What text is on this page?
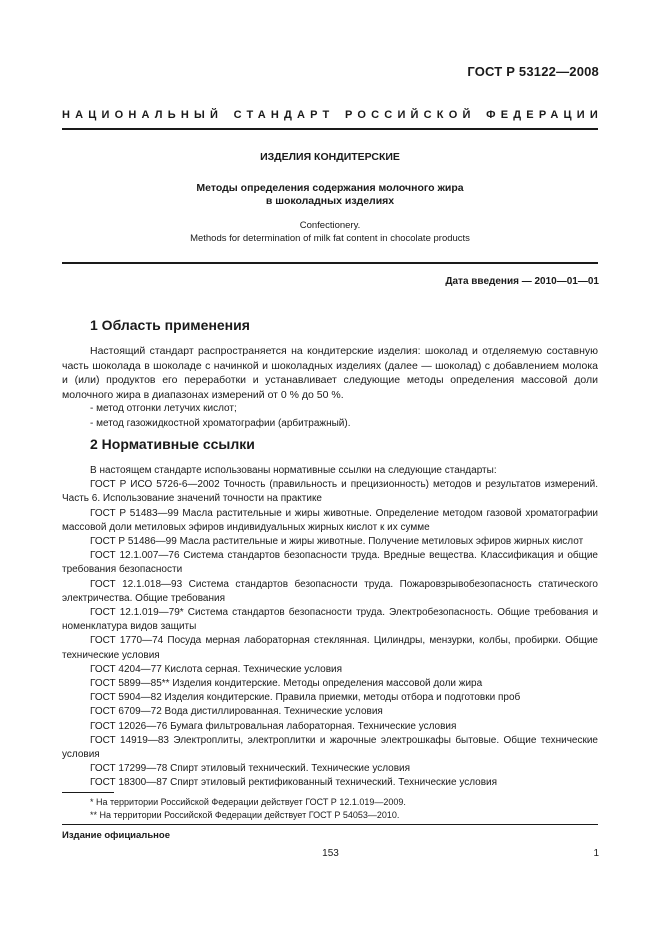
ГОСТ Р 53122—2008
НАЦИОНАЛЬНЫЙ СТАНДАРТ РОССИЙСКОЙ ФЕДЕРАЦИИ
ИЗДЕЛИЯ КОНДИТЕРСКИЕ
Методы определения содержания молочного жира
в шоколадных изделиях
Confectionery.
Methods for determination of milk fat content in chocolate products
Дата введения — 2010—01—01
1 Область применения

Настоящий стандарт распространяется на кондитерские изделия: шоколад и отделяемую составную часть шоколада в шоколаде с начинкой и шоколадных изделиях (далее — шоколад) с добавлением молока и (или) продуктов его переработки и устанавливает следующие методы определения массовой доли молочного жира в диапазонах измерений от 0 % до 50 %.

- метод отгонки летучих кислот;

- метод газожидкостной хроматографии (арбитражный).

2 Нормативные ссылки

В настоящем стандарте использованы нормативные ссылки на следующие стандарты:

ГОСТ Р ИСО 5726-6—2002 Точность (правильность и прецизионность) методов и результатов измерений. Часть 6. Использование значений точности на практике

ГОСТ Р 51483—99 Масла растительные и жиры животные. Определение методом газовой хроматографии массовой доли метиловых эфиров индивидуальных жирных кислот к их сумме

ГОСТ Р 51486—99 Масла растительные и жиры животные. Получение метиловых эфиров жирных кислот

ГОСТ 12.1.007—76 Система стандартов безопасности труда. Вредные вещества. Классификация и общие требования безопасности

ГОСТ 12.1.018—93 Система стандартов безопасности труда. Пожаровзрывобезопасность статического электричества. Общие требования

ГОСТ 12.1.019—79* Система стандартов безопасности труда. Электробезопасность. Общие требования и номенклатура видов защиты

ГОСТ 1770—74 Посуда мерная лабораторная стеклянная. Цилиндры, мензурки, колбы, пробирки. Общие технические условия

ГОСТ 4204—77 Кислота серная. Технические условия

ГОСТ 5899—85** Изделия кондитерские. Методы определения массовой доли жира

ГОСТ 5904—82 Изделия кондитерские. Правила приемки, методы отбора и подготовки проб

ГОСТ 6709—72 Вода дистиллированная. Технические условия

ГОСТ 12026—76 Бумага фильтровальная лабораторная. Технические условия

ГОСТ 14919—83 Электроплиты, электроплитки и жарочные электрошкафы бытовые. Общие технические условия

ГОСТ 17299—78 Спирт этиловый технический. Технические условия

ГОСТ 18300—87 Спирт этиловый ректификованный технический. Технические условия

* На территории Российской Федерации действует ГОСТ Р 12.1.019—2009.

** На территории Российской Федерации действует ГОСТ Р 54053—2010.

Издание официальное
153	1
